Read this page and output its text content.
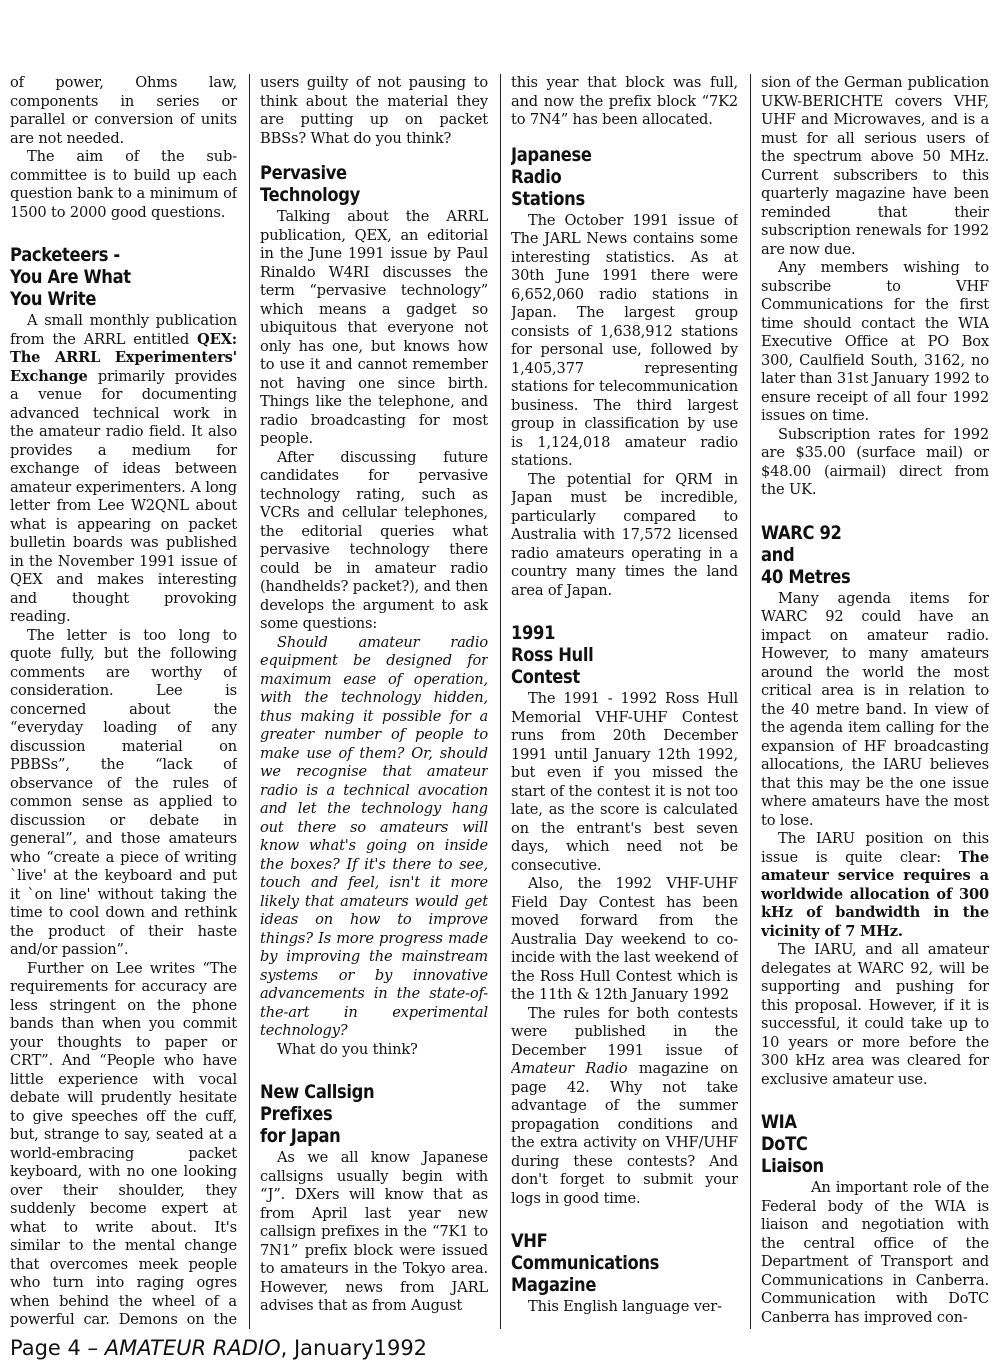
of power, Ohms law, components in series or parallel or conversion of units are not needed.

The aim of the sub-committee is to build up each question bank to a minimum of 1500 to 2000 good questions.

Packeteers -
You Are What
You Write

A small monthly publication from the ARRL entitled QEX: The ARRL Experimenters' Exchange primarily provides a venue for documenting advanced technical work in the amateur radio field. It also provides a medium for exchange of ideas between amateur experimenters. A long letter from Lee W2QNL about what is appearing on packet bulletin boards was published in the November 1991 issue of QEX and makes interesting and thought provoking reading.

The letter is too long to quote fully, but the following comments are worthy of consideration. Lee is concerned about the “everyday loading of any discussion material on PBBSs”, the “lack of observance of the rules of common sense as applied to discussion or debate in general”, and those amateurs who “create a piece of writing `live' at the keyboard and put it `on line' without taking the time to cool down and rethink the product of their haste and/or passion”.

Further on Lee writes “The requirements for accuracy are less stringent on the phone bands than when you commit your thoughts to paper or CRT”. And “People who have little experience with vocal debate will prudently hesitate to give speeches off the cuff, but, strange to say, seated at a world-embracing packet keyboard, with no one looking over their shoulder, they suddenly become expert at what to write about. It's similar to the mental change that overcomes meek people who turn into raging ogres when behind the wheel of a powerful car. Demons on the

users guilty of not pausing to think about the material they are putting up on packet BBSs? What do you think?

Pervasive
Technology

Talking about the ARRL publication, QEX, an editorial in the June 1991 issue by Paul Rinaldo W4RI discusses the term “pervasive technology” which means a gadget so ubiquitous that everyone not only has one, but knows how to use it and cannot remember not having one since birth. Things like the telephone, and radio broadcasting for most people.

After discussing future candidates for pervasive technology rating, such as VCRs and cellular telephones, the editorial queries what pervasive technology there could be in amateur radio (handhelds? packet?), and then develops the argument to ask some questions:

Should amateur radio equipment be designed for maximum ease of operation, with the technology hidden, thus making it possible for a greater number of people to make use of them? Or, should we recognise that amateur radio is a technical avocation and let the technology hang out there so amateurs will know what's going on inside the boxes? If it's there to see, touch and feel, isn't it more likely that amateurs would get ideas on how to improve things? Is more progress made by improving the mainstream systems or by innovative advancements in the state-of-the-art in experimental technology?

What do you think?

New Callsign
Prefixes
for Japan

As we all know Japanese callsigns usually begin with “J”. DXers will know that as from April last year new callsign prefixes in the “7K1 to 7N1” prefix block were issued to amateurs in the Tokyo area. However, news from JARL advises that as from August

this year that block was full, and now the prefix block “7K2 to 7N4” has been allocated.

Japanese
Radio
Stations

The October 1991 issue of The JARL News contains some interesting statistics. As at 30th June 1991 there were 6,652,060 radio stations in Japan. The largest group consists of 1,638,912 stations for personal use, followed by 1,405,377 representing stations for telecommunication business. The third largest group in classification by use is 1,124,018 amateur radio stations.

The potential for QRM in Japan must be incredible, particularly compared to Australia with 17,572 licensed radio amateurs operating in a country many times the land area of Japan.

1991
Ross Hull
Contest

The 1991 - 1992 Ross Hull Memorial VHF-UHF Contest runs from 20th December 1991 until January 12th 1992, but even if you missed the start of the contest it is not too late, as the score is calculated on the entrant's best seven days, which need not be consecutive.

Also, the 1992 VHF-UHF Field Day Contest has been moved forward from the Australia Day weekend to co-incide with the last weekend of the Ross Hull Contest which is the 11th & 12th January 1992

The rules for both contests were published in the December 1991 issue of Amateur Radio magazine on page 42. Why not take advantage of the summer propagation conditions and the extra activity on VHF/UHF during these contests? And don't forget to submit your logs in good time.

VHF
Communications
Magazine

This English language ver-

sion of the German publication UKW-BERICHTE covers VHF, UHF and Microwaves, and is a must for all serious users of the spectrum above 50 MHz. Current subscribers to this quarterly magazine have been reminded that their subscription renewals for 1992 are now due.

Any members wishing to subscribe to VHF Communications for the first time should contact the WIA Executive Office at PO Box 300, Caulfield South, 3162, no later than 31st January 1992 to ensure receipt of all four 1992 issues on time.

Subscription rates for 1992 are $35.00 (surface mail) or $48.00 (airmail) direct from the UK.

WARC 92
and
40 Metres

Many agenda items for WARC 92 could have an impact on amateur radio. However, to many amateurs around the world the most critical area is in relation to the 40 metre band. In view of the agenda item calling for the expansion of HF broadcasting allocations, the IARU believes that this may be the one issue where amateurs have the most to lose.

The IARU position on this issue is quite clear: The amateur service requires a worldwide allocation of 300 kHz of bandwidth in the vicinity of 7 MHz.

The IARU, and all amateur delegates at WARC 92, will be supporting and pushing for this proposal. However, if it is successful, it could take up to 10 years or more before the 300 kHz area was cleared for exclusive amateur use.

WIA
DoTC
Liaison

An important role of the Federal body of the WIA is liaison and negotiation with the central office of the Department of Transport and Communications in Canberra. Communication with DoTC Canberra has improved con-

Page 4 – AMATEUR RADIO, January1992
